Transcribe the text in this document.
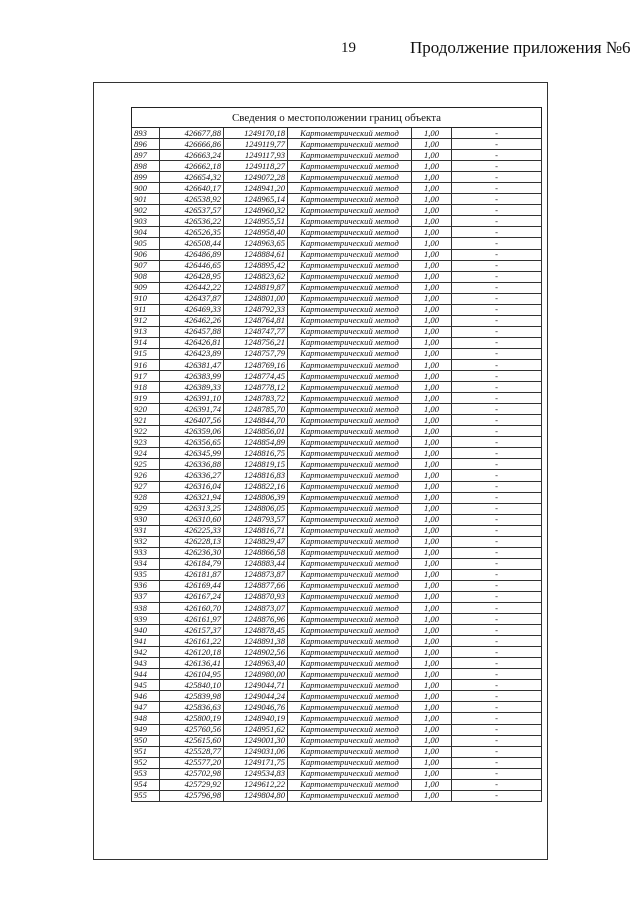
19	Продолжение приложения №6
Сведения о местоположении границ объекта					
893	426677,88	1249170,18	Картометрический метод	1,00	-
896	426666,86	1249119,77	Картометрический метод	1,00	-
897	426663,24	1249117,93	Картометрический метод	1,00	-
898	426662,18	1249118,27	Картометрический метод	1,00	-
899	426654,32	1249072,28	Картометрический метод	1,00	-
900	426640,17	1248941,20	Картометрический метод	1,00	-
901	426538,92	1248965,14	Картометрический метод	1,00	-
902	426537,57	1248960,32	Картометрический метод	1,00	-
903	426536,22	1248955,51	Картометрический метод	1,00	-
904	426526,35	1248958,40	Картометрический метод	1,00	-
905	426508,44	1248963,65	Картометрический метод	1,00	-
906	426486,89	1248884,61	Картометрический метод	1,00	-
907	426446,65	1248895,42	Картометрический метод	1,00	-
908	426428,95	1248823,62	Картометрический метод	1,00	-
909	426442,22	1248819,87	Картометрический метод	1,00	-
910	426437,87	1248801,00	Картометрический метод	1,00	-
911	426469,33	1248792,33	Картометрический метод	1,00	-
912	426462,26	1248764,81	Картометрический метод	1,00	-
913	426457,88	1248747,77	Картометрический метод	1,00	-
914	426426,81	1248756,21	Картометрический метод	1,00	-
915	426423,89	1248757,79	Картометрический метод	1,00	-
916	426381,47	1248769,16	Картометрический метод	1,00	-
917	426383,99	1248774,45	Картометрический метод	1,00	-
918	426389,33	1248778,12	Картометрический метод	1,00	-
919	426391,10	1248783,72	Картометрический метод	1,00	-
920	426391,74	1248785,70	Картометрический метод	1,00	-
921	426407,56	1248844,70	Картометрический метод	1,00	-
922	426359,06	1248856,01	Картометрический метод	1,00	-
923	426356,65	1248854,89	Картометрический метод	1,00	-
924	426345,99	1248816,75	Картометрический метод	1,00	-
925	426336,88	1248819,15	Картометрический метод	1,00	-
926	426336,27	1248816,83	Картометрический метод	1,00	-
927	426316,04	1248822,16	Картометрический метод	1,00	-
928	426321,94	1248806,39	Картометрический метод	1,00	-
929	426313,25	1248806,05	Картометрический метод	1,00	-
930	426310,60	1248793,57	Картометрический метод	1,00	-
931	426225,33	1248816,71	Картометрический метод	1,00	-
932	426228,13	1248829,47	Картометрический метод	1,00	-
933	426236,30	1248866,58	Картометрический метод	1,00	-
934	426184,79	1248883,44	Картометрический метод	1,00	-
935	426181,87	1248873,87	Картометрический метод	1,00	-
936	426169,44	1248877,66	Картометрический метод	1,00	-
937	426167,24	1248870,93	Картометрический метод	1,00	-
938	426160,70	1248873,07	Картометрический метод	1,00	-
939	426161,97	1248876,96	Картометрический метод	1,00	-
940	426157,37	1248878,45	Картометрический метод	1,00	-
941	426161,22	1248891,38	Картометрический метод	1,00	-
942	426120,18	1248902,56	Картометрический метод	1,00	-
943	426136,41	1248963,40	Картометрический метод	1,00	-
944	426104,95	1248980,00	Картометрический метод	1,00	-
945	425840,10	1249044,71	Картометрический метод	1,00	-
946	425839,98	1249044,24	Картометрический метод	1,00	-
947	425836,63	1249046,76	Картометрический метод	1,00	-
948	425800,19	1248940,19	Картометрический метод	1,00	-
949	425760,56	1248951,62	Картометрический метод	1,00	-
950	425615,60	1249001,30	Картометрический метод	1,00	-
951	425528,77	1249031,06	Картометрический метод	1,00	-
952	425577,20	1249171,75	Картометрический метод	1,00	-
953	425702,98	1249534,83	Картометрический метод	1,00	-
954	425729,92	1249612,22	Картометрический метод	1,00	-
955	425796,98	1249804,80	Картометрический метод	1,00	-
